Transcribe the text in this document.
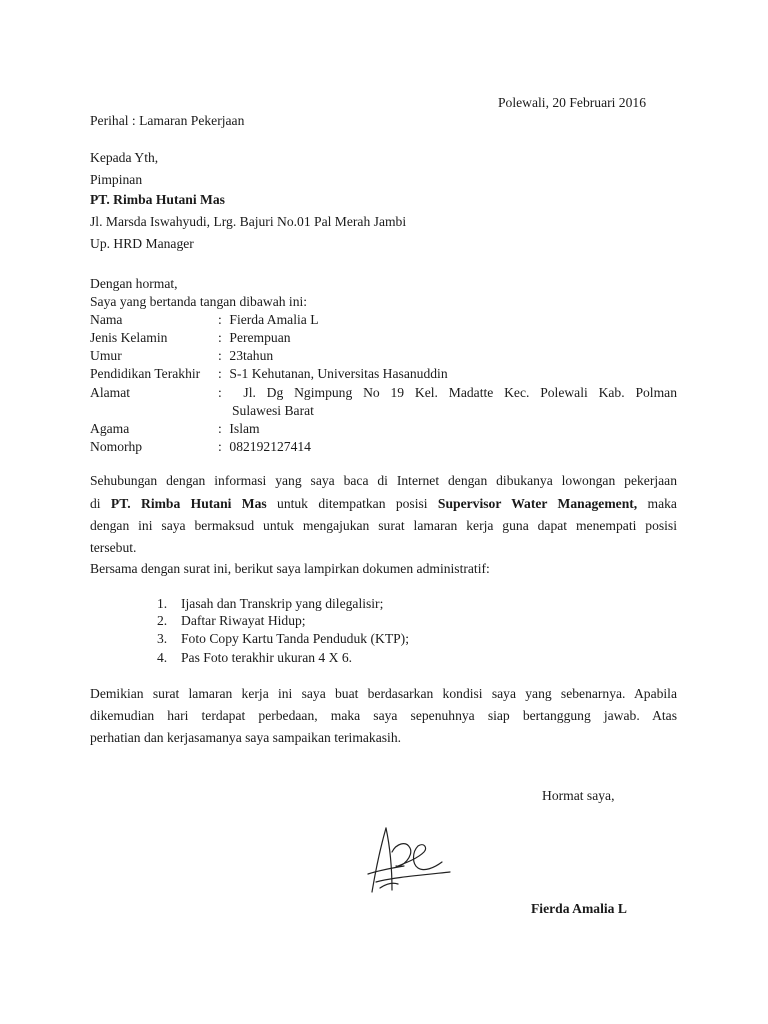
Polewali, 20 Februari 2016
Perihal : Lamaran Pekerjaan
Kepada Yth,
Pimpinan
PT. Rimba Hutani Mas
Jl. Marsda Iswahyudi, Lrg. Bajuri No.01 Pal Merah Jambi
Up. HRD Manager
Dengan hormat,
Saya yang bertanda tangan dibawah ini:
Nama	: Fierda Amalia L
Jenis Kelamin	: Perempuan
Umur	: 23tahun
Pendidikan Terakhir : S-1 Kehutanan, Universitas Hasanuddin
Alamat	:  Jl. Dg Ngimpung No 19 Kel. Madatte Kec. Polewali Kab. Polman
Sulawesi Barat
Agama	: Islam
Nomorhp	: 082192127414
Sehubungan dengan informasi yang saya baca di Internet dengan dibukanya lowongan pekerjaan
di PT. Rimba Hutani Mas untuk ditempatkan posisi Supervisor Water Management, maka
dengan ini saya bermaksud untuk mengajukan surat lamaran kerja guna dapat menempati posisi
tersebut.
Bersama dengan surat ini, berikut saya lampirkan dokumen administratif:
1. Ijasah dan Transkrip yang dilegalisir;
2. Daftar Riwayat Hidup;
3. Foto Copy Kartu Tanda Penduduk (KTP);
4. Pas Foto terakhir ukuran 4 X 6.
Demikian surat lamaran kerja ini saya buat berdasarkan kondisi saya yang sebenarnya. Apabila
dikemudian hari terdapat perbedaan, maka saya sepenuhnya siap bertanggung jawab. Atas
perhatian dan kerjasamanya saya sampaikan terimakasih.
Hormat saya,
Fierda Amalia L
